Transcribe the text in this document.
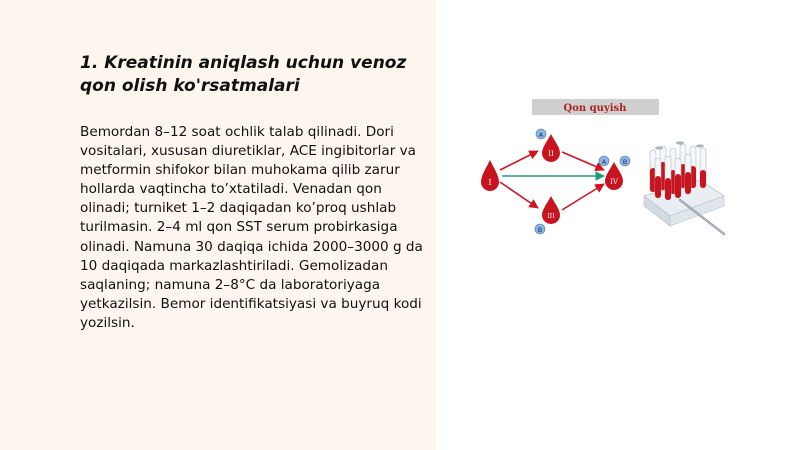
1. Kreatinin aniqlash uchun venoz qon olish ko'rsatmalari

Bemordan 8–12 soat ochlik talab qilinadi. Dori vositalari, xususan diuretiklar, ACE ingibitorlar va metformin shifokor bilan muhokama qilib zarur hollarda vaqtincha to’xtatiladi. Venadan qon olinadi; turniket 1–2 daqiqadan ko’proq ushlab turilmasin. 2–4 ml qon SST serum probirkasiga olinadi. Namuna 30 daqiqa ichida 2000–3000 g da 10 daqiqada markazlashtiriladi. Gemolizadan saqlaning; namuna 2–8°C da laboratoriyaga yetkazilsin. Bemor identifikatsiyasi va buyruq kodi yozilsin.

Qon quyish
I
II
III
IV
A
B
A	B
